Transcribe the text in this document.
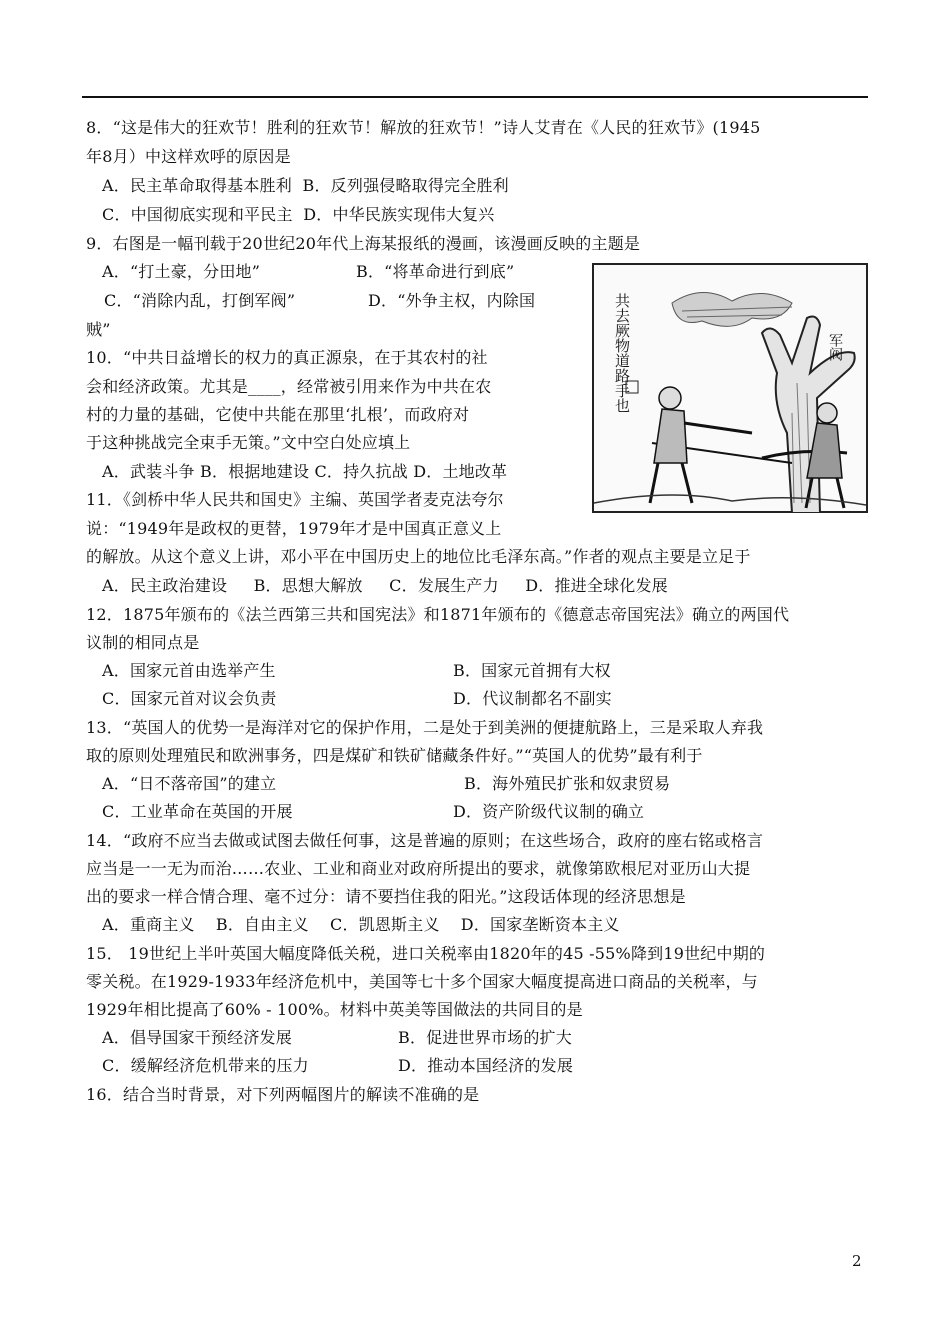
8．“这是伟大的狂欢节！胜利的狂欢节！解放的狂欢节！”诗人艾青在《人民的狂欢节》(1945
年8月）中这样欢呼的原因是
A．民主革命取得基本胜利  B．反列强侵略取得完全胜利
C．中国彻底实现和平民主  D．中华民族实现伟大复兴
9．右图是一幅刊载于20世纪20年代上海某报纸的漫画，该漫画反映的主题是
A．“打土豪，分田地”	B．“将革命进行到底”
C．“消除内乱，打倒军阀”	D．“外争主权，内除国
贼”
10．“中共日益增长的权力的真正源泉，在于其农村的社
会和经济政策。尤其是____，经常被引用来作为中共在农
村的力量的基础，它使中共能在那里‘扎根’，而政府对
于这种挑战完全束手无策。”文中空白处应填上
A．武装斗争 B．根据地建设 C．持久抗战 D．土地改革
11．《剑桥中华人民共和国史》主编、英国学者麦克法夸尔
说：“1949年是政权的更替，1979年才是中国真正意义上
的解放。从这个意义上讲，邓小平在中国历史上的地位比毛泽东高。”作者的观点主要是立足于
A．民主政治建设     B．思想大解放     C．发展生产力     D．推进全球化发展
12．1875年颁布的《法兰西第三共和国宪法》和1871年颁布的《德意志帝国宪法》确立的两国代
议制的相同点是
A．国家元首由选举产生	B．国家元首拥有大权
C．国家元首对议会负责	D．代议制都名不副实
13．“英国人的优势一是海洋对它的保护作用，二是处于到美洲的便捷航路上，三是采取人弃我
取的原则处理殖民和欧洲事务，四是煤矿和铁矿储藏条件好。”“英国人的优势”最有利于
A．“日不落帝国”的建立	B．海外殖民扩张和奴隶贸易
C．工业革命在英国的开展	D．资产阶级代议制的确立
14．“政府不应当去做或试图去做任何事，这是普遍的原则；在这些场合，政府的座右铭或格言
应当是一一无为而治……农业、工业和商业对政府所提出的要求，就像第欧根尼对亚历山大提
出的要求一样合情合理、毫不过分：请不要挡住我的阳光。”这段话体现的经济思想是
A．重商主义    B．自由主义    C．凯恩斯主义    D．国家垄断资本主义
15． 19世纪上半叶英国大幅度降低关税，进口关税率由1820年的45 -55%降到19世纪中期的
零关税。在1929-1933年经济危机中，美国等七十多个国家大幅度提高进口商品的关税率，与
1929年相比提高了60% - 100%。材料中英美等国做法的共同目的是
A．倡导国家干预经济发展	B．促进世界市场的扩大
C．缓解经济危机带来的压力	D．推动本国经济的发展
16．结合当时背景，对下列两幅图片的解读不准确的是
共去厥物道路手也	军阀
2
